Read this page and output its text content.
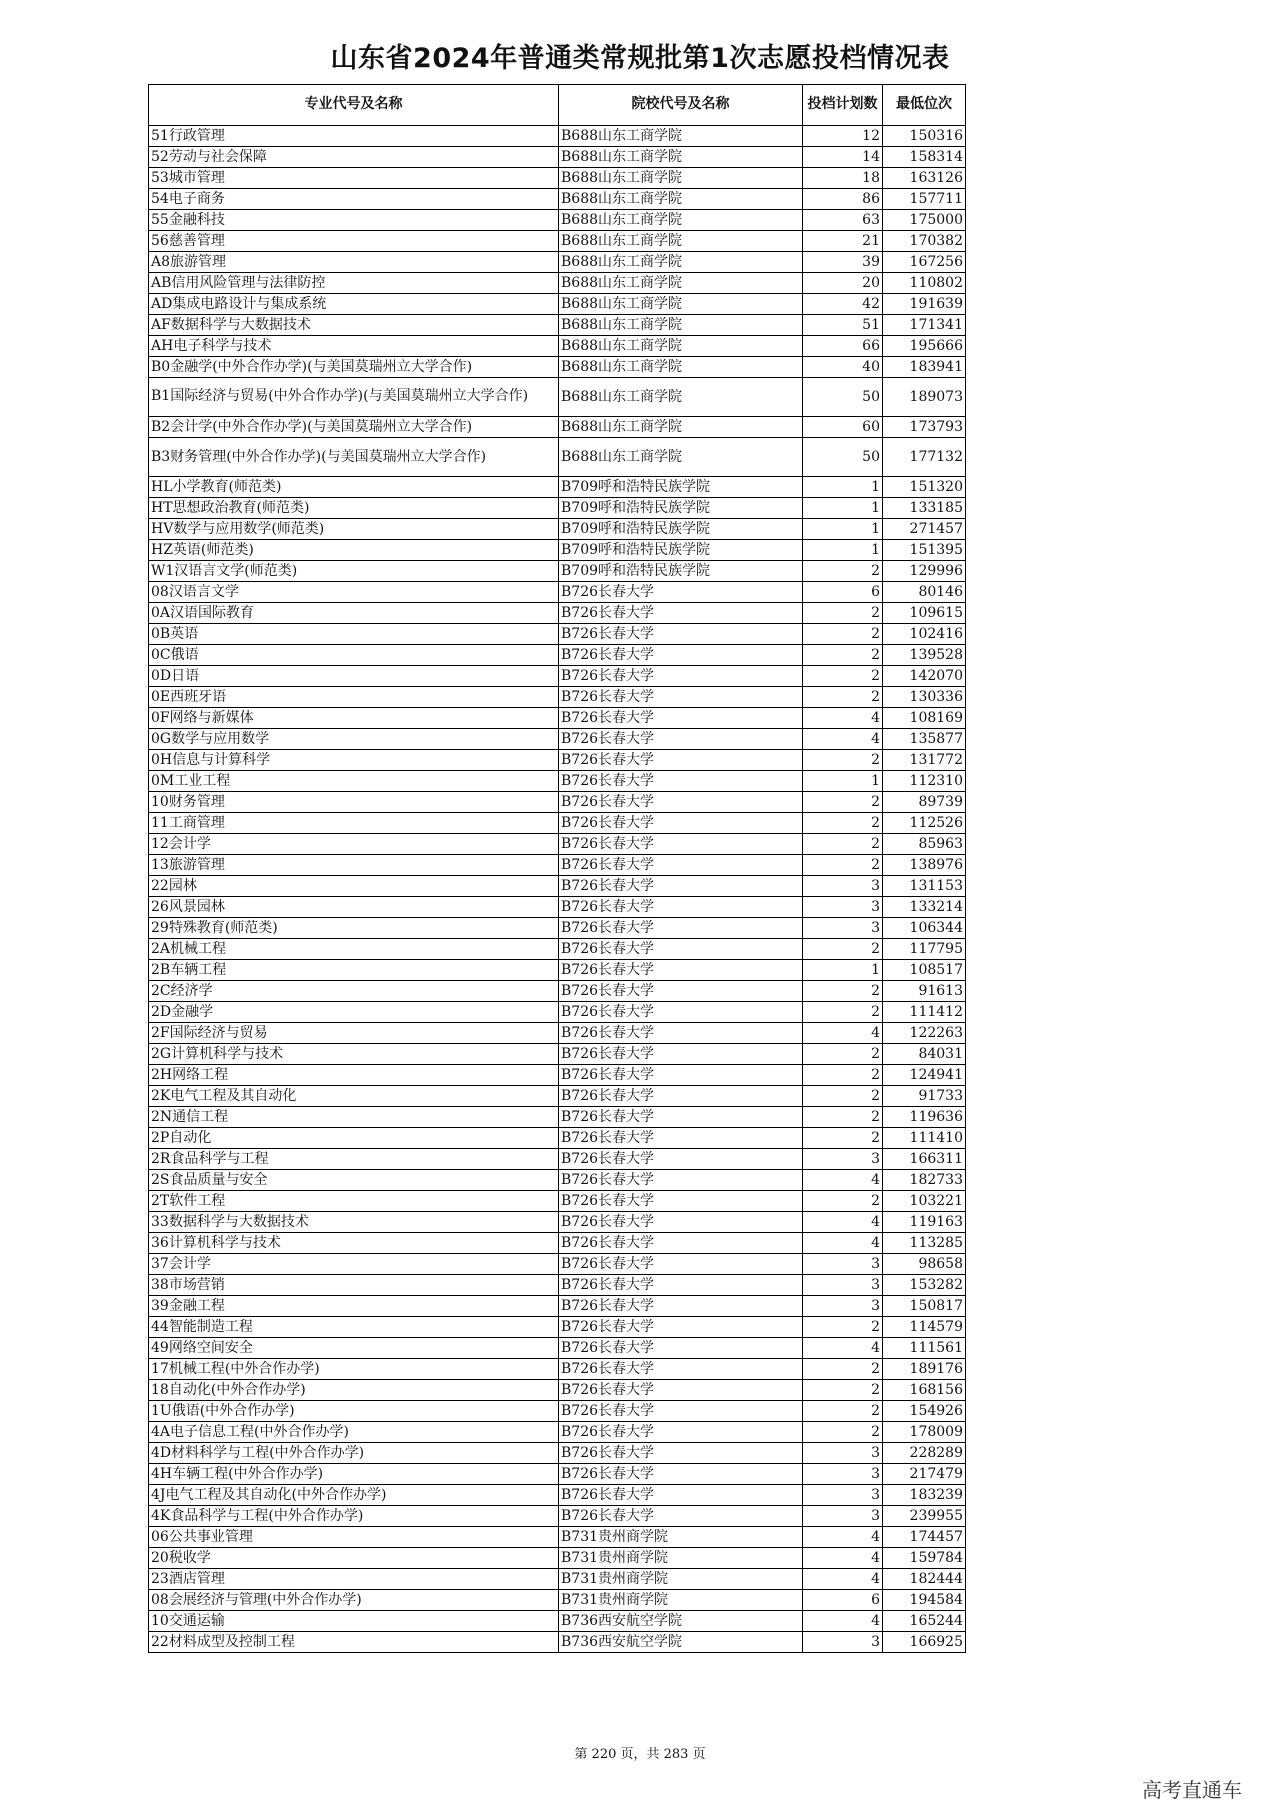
山东省2024年普通类常规批第1次志愿投档情况表
专业代号及名称	院校代号及名称	投档计划数	最低位次
51行政管理	B688山东工商学院	12	150316
52劳动与社会保障	B688山东工商学院	14	158314
53城市管理	B688山东工商学院	18	163126
54电子商务	B688山东工商学院	86	157711
55金融科技	B688山东工商学院	63	175000
56慈善管理	B688山东工商学院	21	170382
A8旅游管理	B688山东工商学院	39	167256
AB信用风险管理与法律防控	B688山东工商学院	20	110802
AD集成电路设计与集成系统	B688山东工商学院	42	191639
AF数据科学与大数据技术	B688山东工商学院	51	171341
AH电子科学与技术	B688山东工商学院	66	195666
B0金融学(中外合作办学)(与美国莫瑞州立大学合作)	B688山东工商学院	40	183941
B1国际经济与贸易(中外合作办学)(与美国莫瑞州立大学合作)	B688山东工商学院	50	189073
B2会计学(中外合作办学)(与美国莫瑞州立大学合作)	B688山东工商学院	60	173793
B3财务管理(中外合作办学)(与美国莫瑞州立大学合作)	B688山东工商学院	50	177132
HL小学教育(师范类)	B709呼和浩特民族学院	1	151320
HT思想政治教育(师范类)	B709呼和浩特民族学院	1	133185
HV数学与应用数学(师范类)	B709呼和浩特民族学院	1	271457
HZ英语(师范类)	B709呼和浩特民族学院	1	151395
W1汉语言文学(师范类)	B709呼和浩特民族学院	2	129996
08汉语言文学	B726长春大学	6	80146
0A汉语国际教育	B726长春大学	2	109615
0B英语	B726长春大学	2	102416
0C俄语	B726长春大学	2	139528
0D日语	B726长春大学	2	142070
0E西班牙语	B726长春大学	2	130336
0F网络与新媒体	B726长春大学	4	108169
0G数学与应用数学	B726长春大学	4	135877
0H信息与计算科学	B726长春大学	2	131772
0M工业工程	B726长春大学	1	112310
10财务管理	B726长春大学	2	89739
11工商管理	B726长春大学	2	112526
12会计学	B726长春大学	2	85963
13旅游管理	B726长春大学	2	138976
22园林	B726长春大学	3	131153
26风景园林	B726长春大学	3	133214
29特殊教育(师范类)	B726长春大学	3	106344
2A机械工程	B726长春大学	2	117795
2B车辆工程	B726长春大学	1	108517
2C经济学	B726长春大学	2	91613
2D金融学	B726长春大学	2	111412
2F国际经济与贸易	B726长春大学	4	122263
2G计算机科学与技术	B726长春大学	2	84031
2H网络工程	B726长春大学	2	124941
2K电气工程及其自动化	B726长春大学	2	91733
2N通信工程	B726长春大学	2	119636
2P自动化	B726长春大学	2	111410
2R食品科学与工程	B726长春大学	3	166311
2S食品质量与安全	B726长春大学	4	182733
2T软件工程	B726长春大学	2	103221
33数据科学与大数据技术	B726长春大学	4	119163
36计算机科学与技术	B726长春大学	4	113285
37会计学	B726长春大学	3	98658
38市场营销	B726长春大学	3	153282
39金融工程	B726长春大学	3	150817
44智能制造工程	B726长春大学	2	114579
49网络空间安全	B726长春大学	4	111561
17机械工程(中外合作办学)	B726长春大学	2	189176
18自动化(中外合作办学)	B726长春大学	2	168156
1U俄语(中外合作办学)	B726长春大学	2	154926
4A电子信息工程(中外合作办学)	B726长春大学	2	178009
4D材料科学与工程(中外合作办学)	B726长春大学	3	228289
4H车辆工程(中外合作办学)	B726长春大学	3	217479
4J电气工程及其自动化(中外合作办学)	B726长春大学	3	183239
4K食品科学与工程(中外合作办学)	B726长春大学	3	239955
06公共事业管理	B731贵州商学院	4	174457
20税收学	B731贵州商学院	4	159784
23酒店管理	B731贵州商学院	4	182444
08会展经济与管理(中外合作办学)	B731贵州商学院	6	194584
10交通运输	B736西安航空学院	4	165244
22材料成型及控制工程	B736西安航空学院	3	166925
第 220 页，共 283 页
高考直通车
